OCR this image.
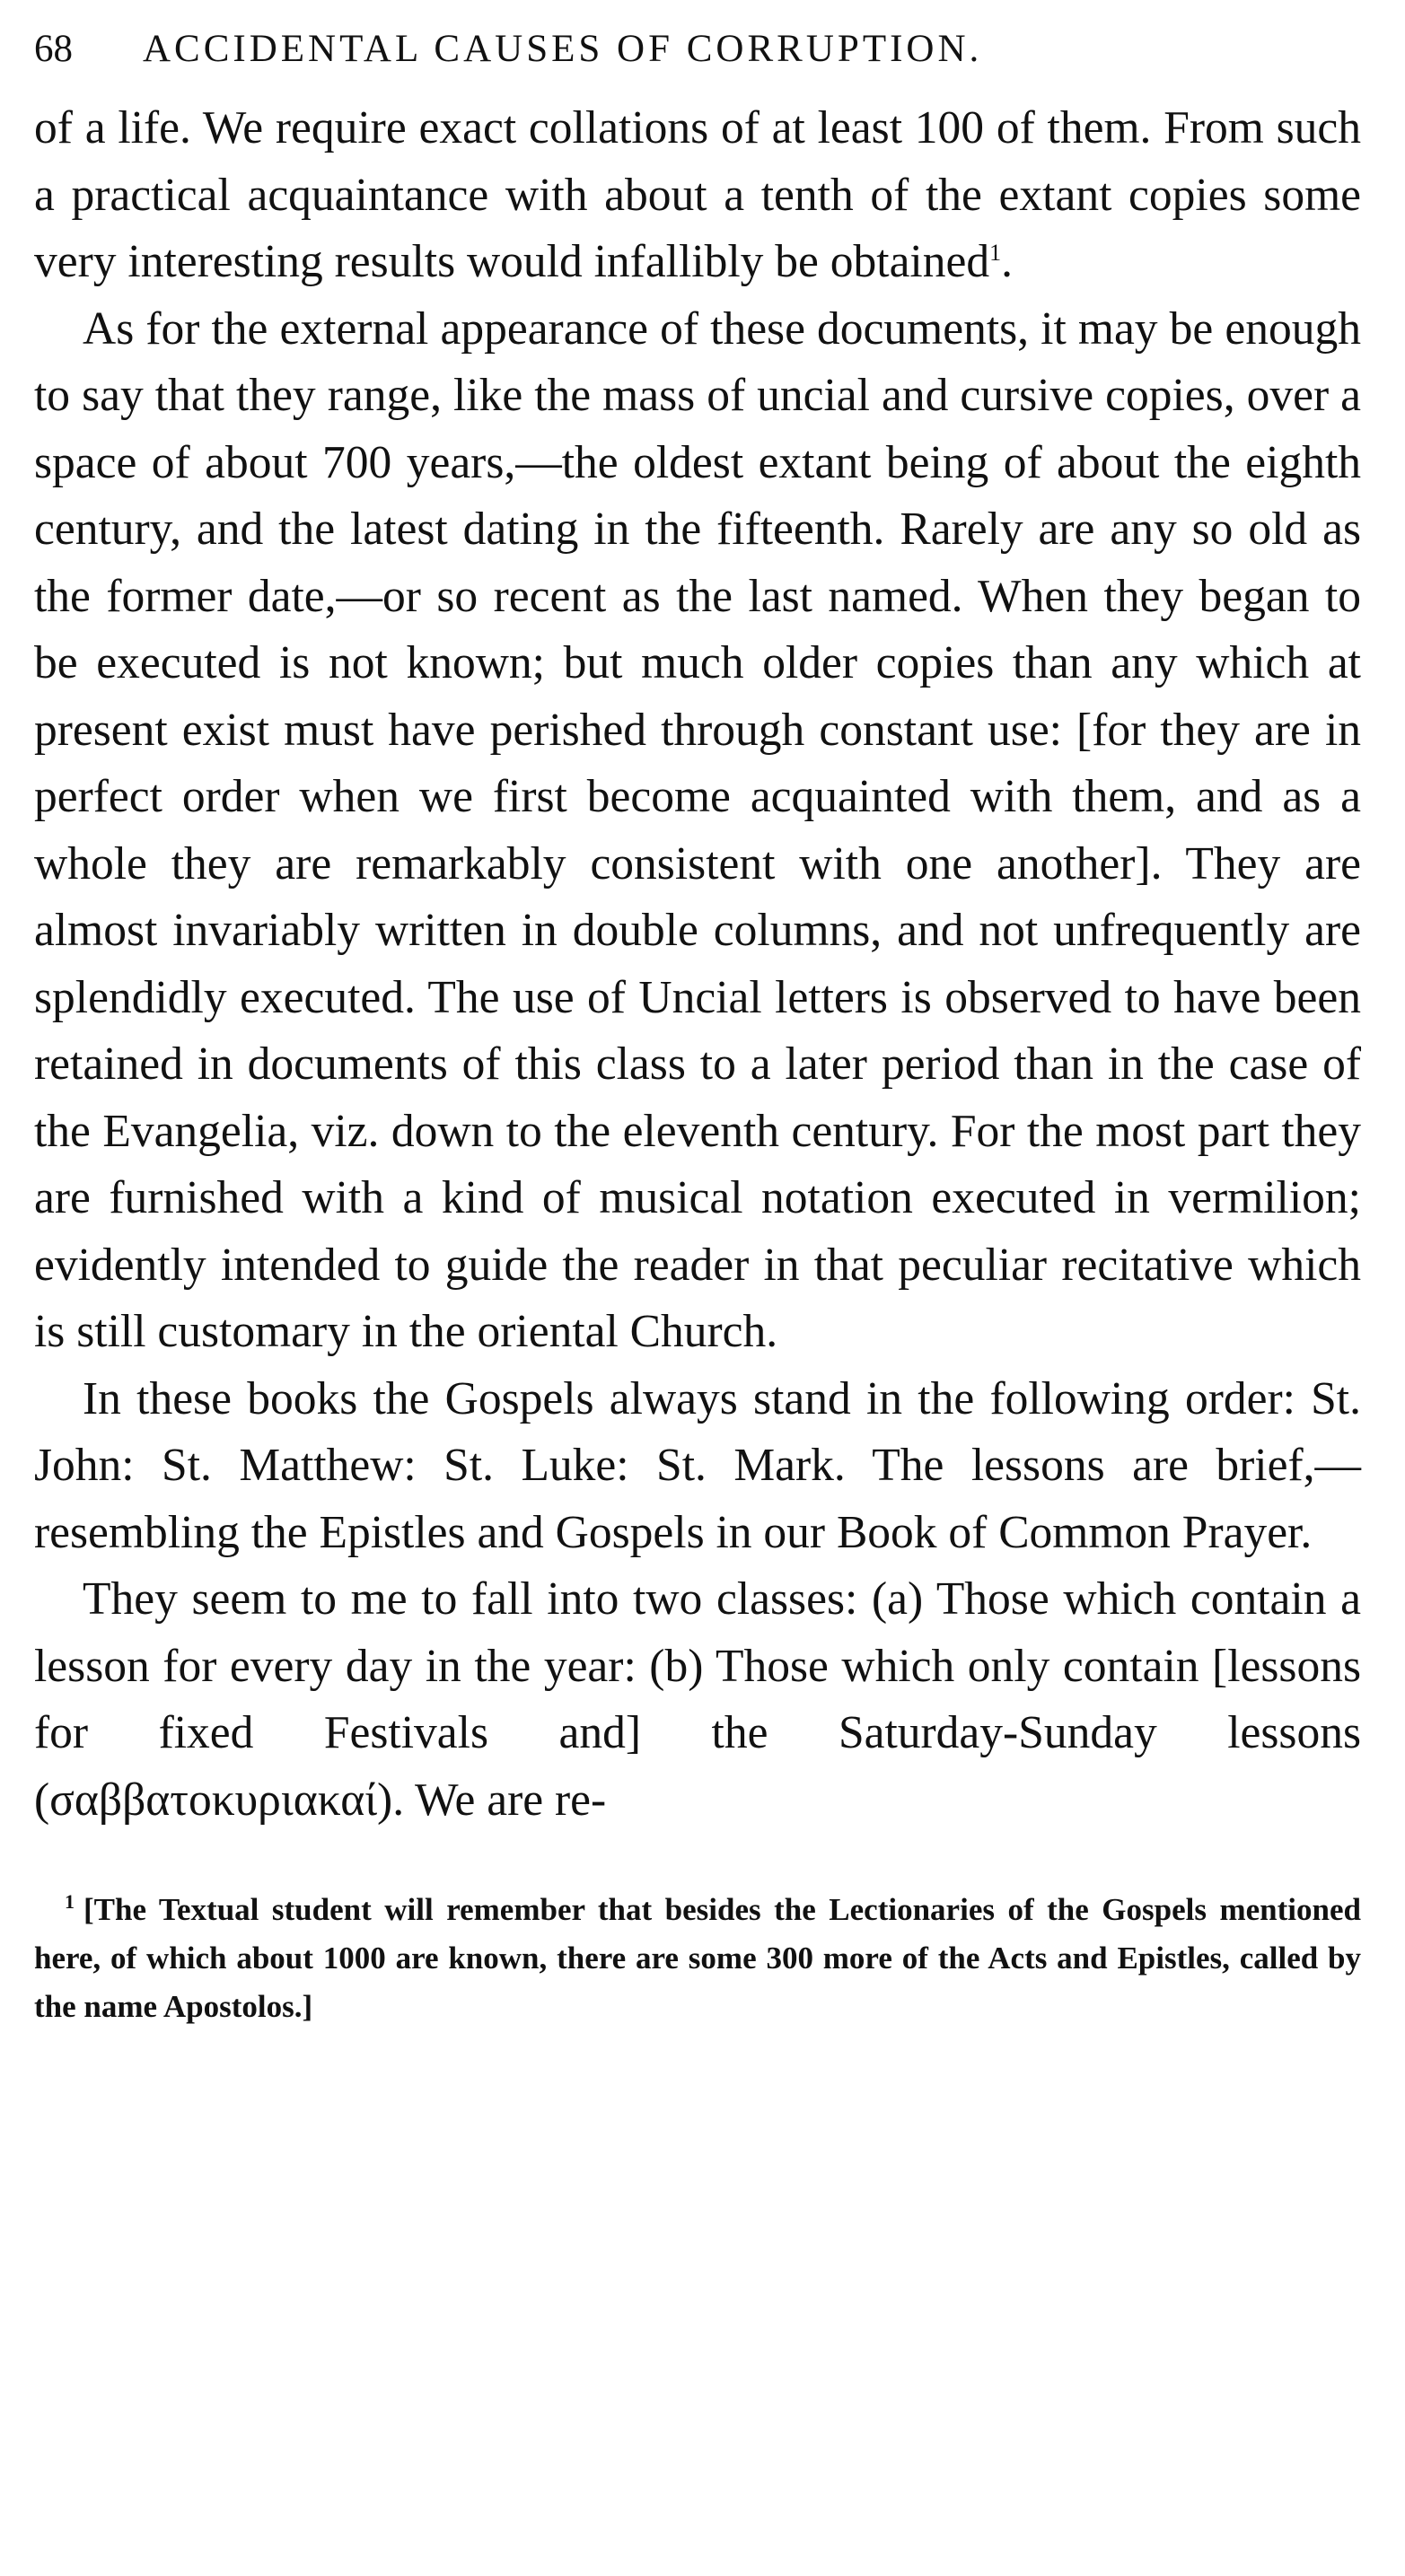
68 ACCIDENTAL CAUSES OF CORRUPTION.

of a life. We require exact collations of at least 100 of them. From such a practical acquaintance with about a tenth of the extant copies some very interesting results would infallibly be obtained$^1$.

As for the external appearance of these documents, it may be enough to say that they range, like the mass of uncial and cursive copies, over a space of about 700 years,—the oldest extant being of about the eighth century, and the latest dating in the fifteenth. Rarely are any so old as the former date,—or so recent as the last named. When they began to be executed is not known; but much older copies than any which at present exist must have perished through constant use: [for they are in perfect order when we first become acquainted with them, and as a whole they are remarkably consistent with one another]. They are almost invariably written in double columns, and not unfrequently are splendidly executed. The use of Uncial letters is observed to have been retained in documents of this class to a later period than in the case of the Evangelia, viz. down to the eleventh century. For the most part they are furnished with a kind of musical notation executed in vermilion; evidently intended to guide the reader in that peculiar recitative which is still customary in the oriental Church.

In these books the Gospels always stand in the following order: St. John: St. Matthew: St. Luke: St. Mark. The lessons are brief,—resembling the Epistles and Gospels in our Book of Common Prayer.

They seem to me to fall into two classes: (a) Those which contain a lesson for every day in the year: (b) Those which only contain [lessons for fixed Festivals and] the Saturday-Sunday lessons (σαββατοκυριακαί). We are re-

$^1$ [The Textual student will remember that besides the Lectionaries of the Gospels mentioned here, of which about 1000 are known, there are some 300 more of the Acts and Epistles, called by the name Apostolos.]
